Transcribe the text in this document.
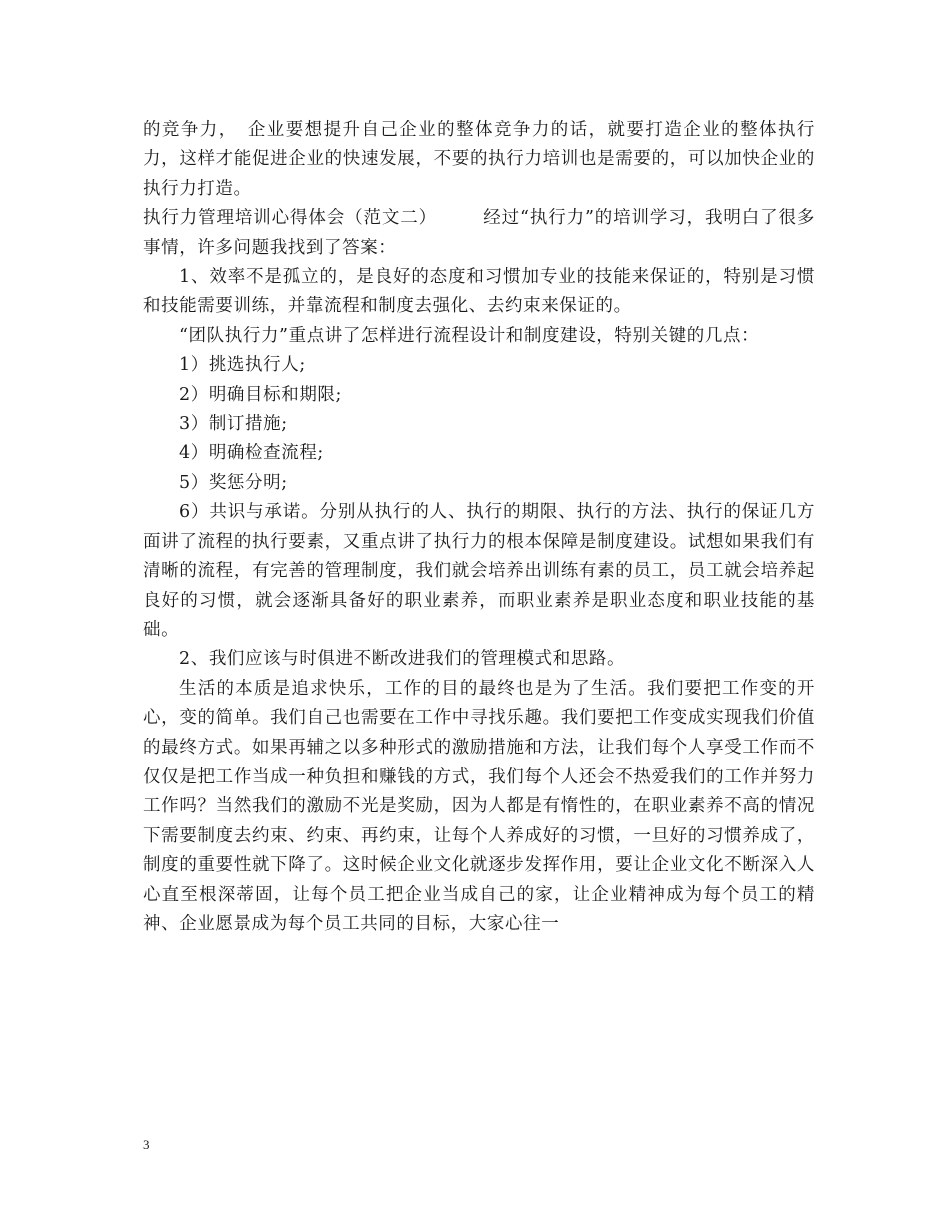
的竞争力，　企业要想提升自己企业的整体竞争力的话，就要打造企业的整体执行力，这样才能促进企业的快速发展，不要的执行力培训也是需要的，可以加快企业的执行力打造。

执行力管理培训心得体会（范文二）　　　经过“执行力”的培训学习，我明白了很多事情，许多问题我找到了答案：

1、效率不是孤立的，是良好的态度和习惯加专业的技能来保证的，特别是习惯和技能需要训练，并靠流程和制度去强化、去约束来保证的。

“团队执行力”重点讲了怎样进行流程设计和制度建设，特别关键的几点：

1）挑选执行人;

2）明确目标和期限;

3）制订措施;

4）明确检查流程;

5）奖惩分明;

6）共识与承诺。分别从执行的人、执行的期限、执行的方法、执行的保证几方面讲了流程的执行要素，又重点讲了执行力的根本保障是制度建设。试想如果我们有清晰的流程，有完善的管理制度，我们就会培养出训练有素的员工，员工就会培养起良好的习惯，就会逐渐具备好的职业素养，而职业素养是职业态度和职业技能的基础。

2、我们应该与时俱进不断改进我们的管理模式和思路。

生活的本质是追求快乐，工作的目的最终也是为了生活。我们要把工作变的开心，变的简单。我们自己也需要在工作中寻找乐趣。我们要把工作变成实现我们价值的最终方式。如果再辅之以多种形式的激励措施和方法，让我们每个人享受工作而不仅仅是把工作当成一种负担和赚钱的方式，我们每个人还会不热爱我们的工作并努力工作吗？当然我们的激励不光是奖励，因为人都是有惰性的，在职业素养不高的情况下需要制度去约束、约束、再约束，让每个人养成好的习惯，一旦好的习惯养成了，制度的重要性就下降了。这时候企业文化就逐步发挥作用，要让企业文化不断深入人心直至根深蒂固，让每个员工把企业当成自己的家，让企业精神成为每个员工的精神、企业愿景成为每个员工共同的目标，大家心往一

3
